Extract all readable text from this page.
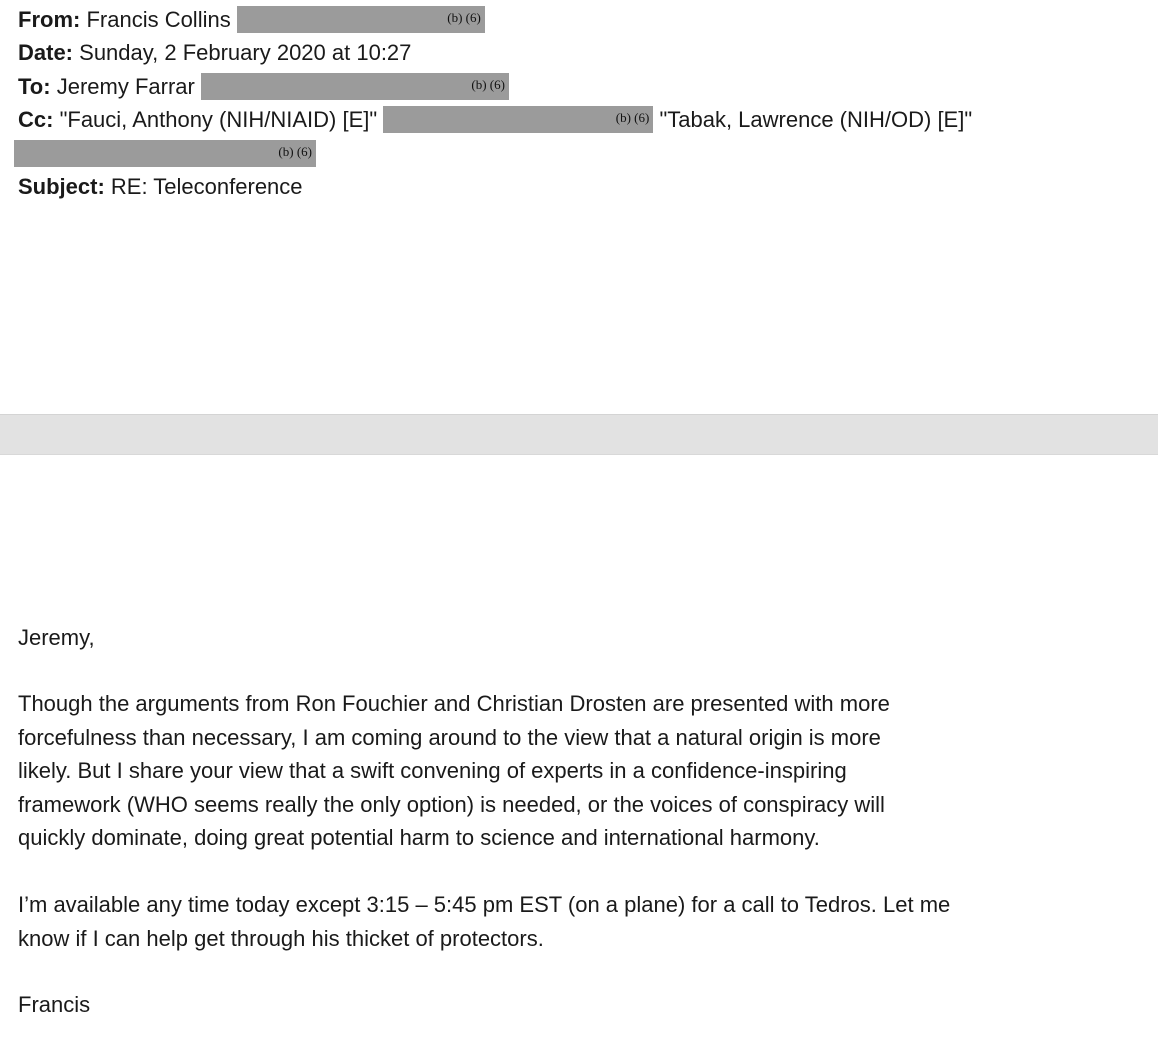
From: Francis Collins	(b) (6)
Date: Sunday, 2 February 2020 at 10:27
To: Jeremy Farrar	(b) (6)
Cc: "Fauci, Anthony (NIH/NIAID) [E]"	(b) (6) "Tabak, Lawrence (NIH/OD) [E]"
(b) (6)
Subject: RE: Teleconference

Jeremy,

Though the arguments from Ron Fouchier and Christian Drosten are presented with more

forcefulness than necessary, I am coming around to the view that a natural origin is more

likely. But I share your view that a swift convening of experts in a confidence-inspiring

framework (WHO seems really the only option) is needed, or the voices of conspiracy will

quickly dominate, doing great potential harm to science and international harmony.

I’m available any time today except 3:15 – 5:45 pm EST (on a plane) for a call to Tedros. Let me

know if I can help get through his thicket of protectors.

Francis
